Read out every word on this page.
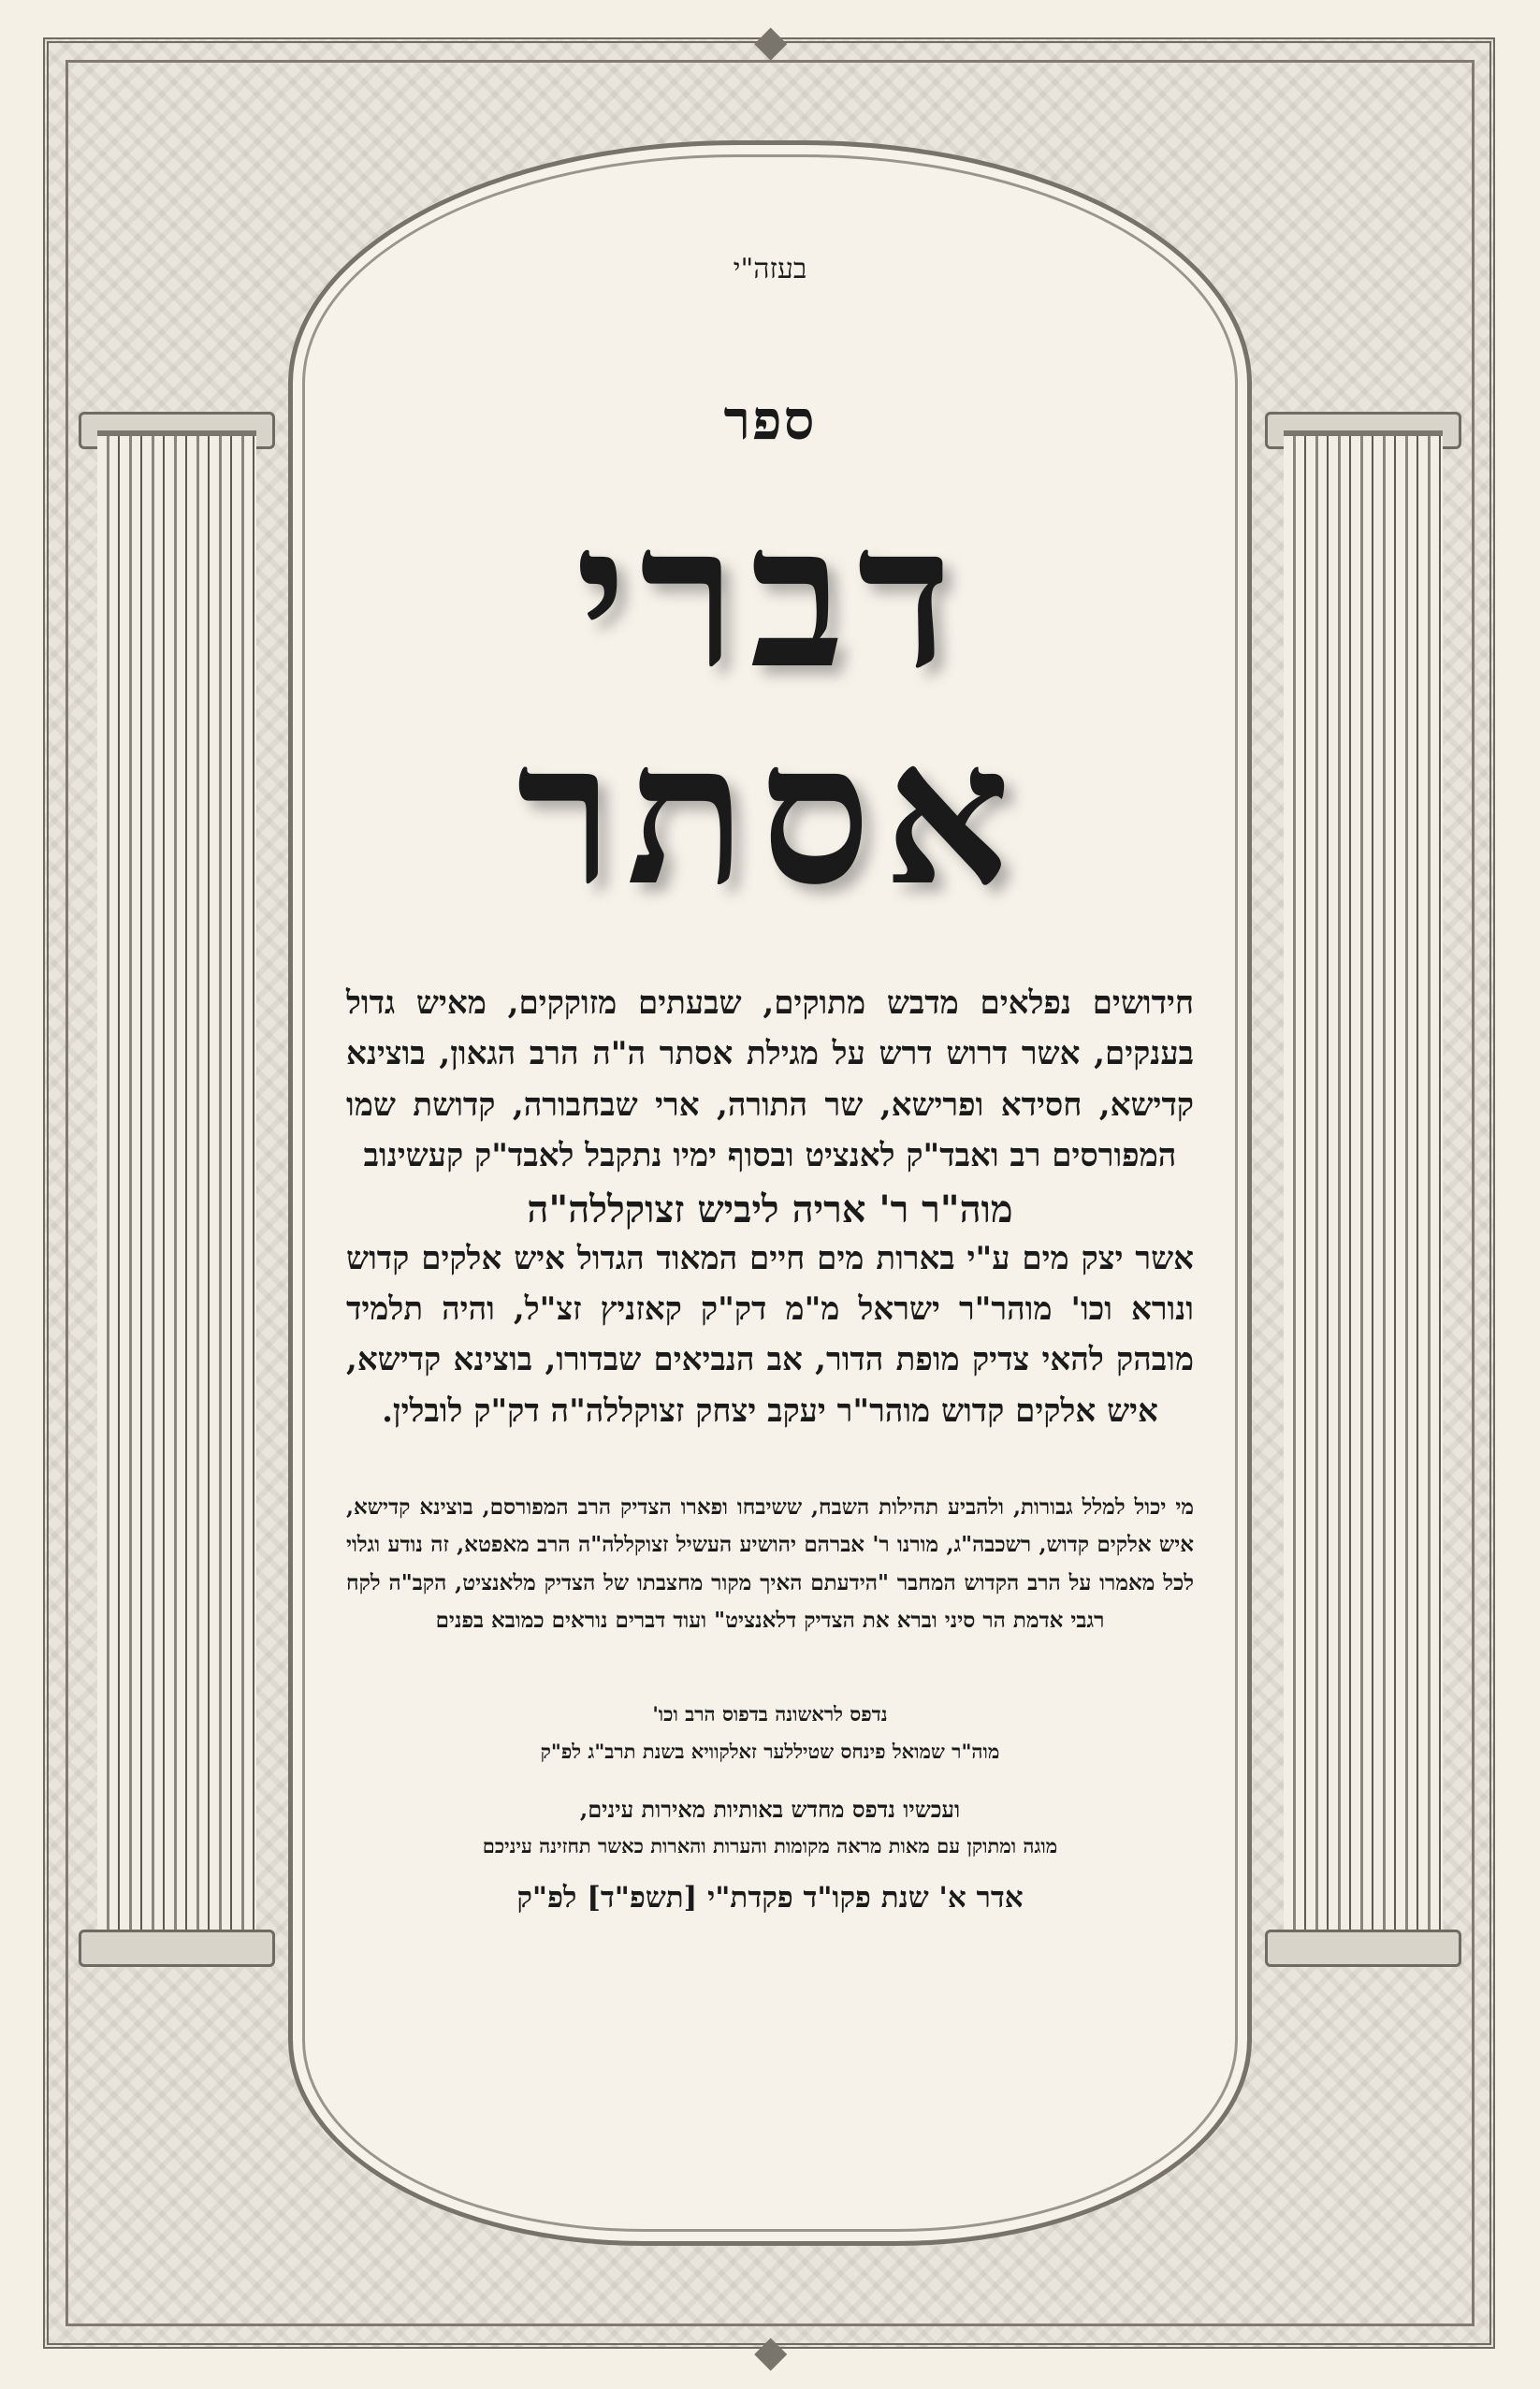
◆
◆
בעזה"י
ספר
דברי
אסתר
חידושים נפלאים מדבש מתוקים, שבעתים מזוקקים, מאיש גדול בענקים, אשר דרוש דרש על מגילת אסתר ה"ה הרב הגאון, בוצינא קדישא, חסידא ופרישא, שר התורה, ארי שבחבורה, קדושת שמו המפורסים רב ואבד"ק לאנציט ובסוף ימיו נתקבל לאבד"ק קעשינוב
מוה"ר ר' אריה ליביש זצוקללה"ה
אשר יצק מים ע"י בארות מים חיים המאוד הגדול איש אלקים קדוש ונורא וכו' מוהר"ר ישראל מ"מ דק"ק קאזניץ זצ"ל, והיה תלמיד מובהק להאי צדיק מופת הדור, אב הנביאים שבדורו, בוצינא קדישא, איש אלקים קדוש מוהר"ר יעקב יצחק זצוקללה"ה דק"ק לובלין.
מי יכול למלל גבורות, ולהביע תהילות השבח, ששיבחו ופארו הצדיק הרב המפורסם, בוצינא קדישא, איש אלקים קדוש, רשכבה"ג, מורנו ר' אברהם יהושיע העשיל זצוקללה"ה הרב מאפטא, זה נודע וגלוי לכל מאמרו על הרב הקדוש המחבר "הידעתם האיך מקור מחצבתו של הצדיק מלאנציט, הקב"ה לקח רגבי אדמת הר סיני וברא את הצדיק דלאנציט" ועוד דברים נוראים כמובא בפנים
נדפס לראשונה בדפוס הרב וכו'
מוה"ר שמואל פינחס שטיללער זאלקוויא בשנת תרב"ג לפ"ק
ועכשיו נדפס מחדש באותיות מאירות עינים,
מוגה ומתוקן עם מאות מראה מקומות והערות והארות כאשר תחזינה עיניכם
אדר א' שנת פקו"ד פקדת"י [תשפ"ד] לפ"ק
